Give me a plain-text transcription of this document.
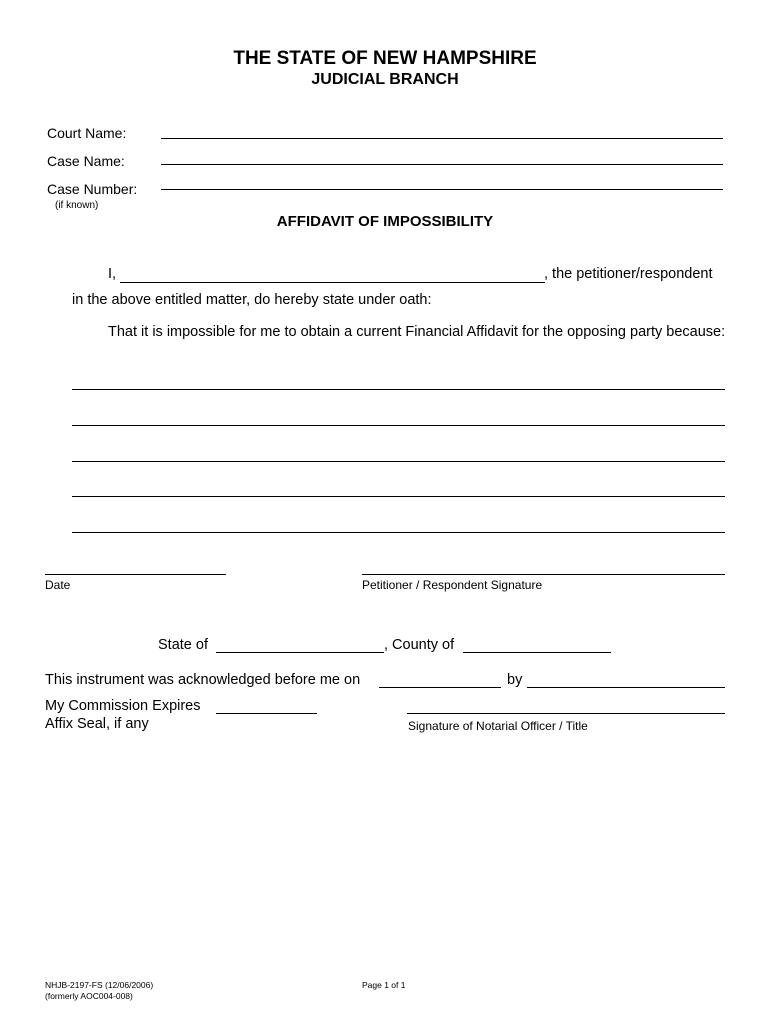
THE STATE OF NEW HAMPSHIRE
JUDICIAL BRANCH
Court Name:
Case Name:
Case Number:
(if known)
AFFIDAVIT OF IMPOSSIBILITY
I,	, the petitioner/respondent
in the above entitled matter, do hereby state under oath:
That it is impossible for me to obtain a current Financial Affidavit for the opposing party because:
Date	Petitioner / Respondent Signature
State of	, County of
This instrument was acknowledged before me on	by
My Commission Expires
Affix Seal, if any	Signature of Notarial Officer / Title
NHJB-2197-FS (12/06/2006)
(formerly AOC004-008)
Page 1 of 1
